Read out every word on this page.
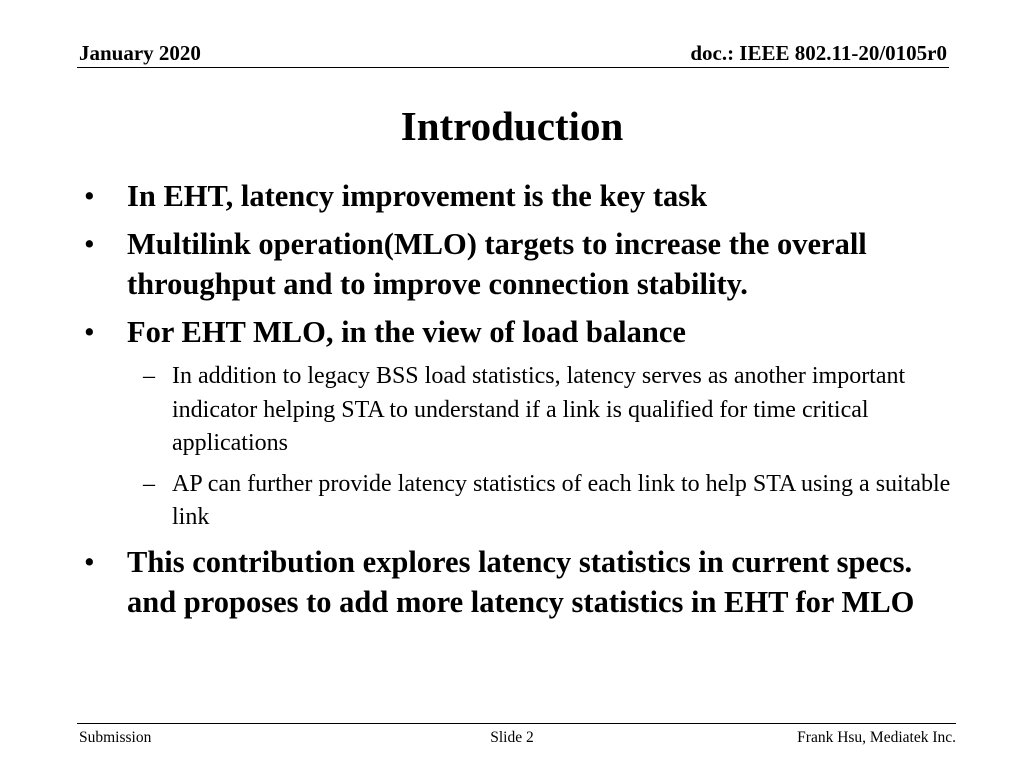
January 2020	doc.: IEEE 802.11-20/0105r0
Introduction
• In EHT, latency improvement is the key task
• Multilink operation(MLO) targets to increase the overall throughput and to improve connection stability.
• For EHT MLO, in the view of load balance
– In addition to legacy BSS load statistics, latency serves as another important indicator helping STA to understand if a link is qualified for time critical applications
– AP can further provide latency statistics of each link to help STA using a suitable link
• This contribution explores latency statistics in current specs. and proposes to add more latency statistics in EHT for MLO
Submission	Slide 2	Frank Hsu, Mediatek Inc.
